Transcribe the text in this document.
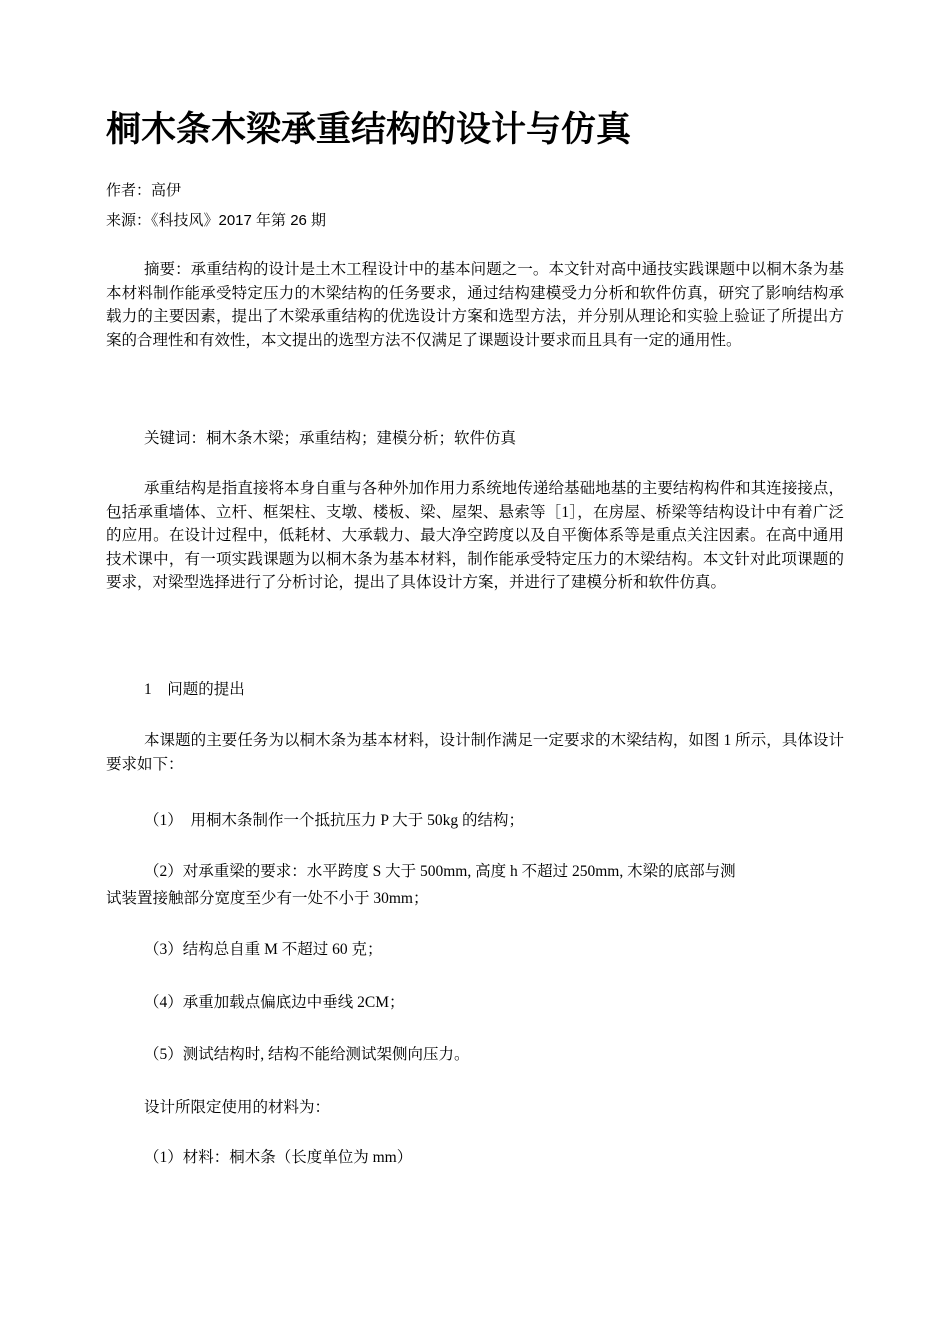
桐木条木梁承重结构的设计与仿真
作者：高伊
来源：《科技风》2017 年第 26 期

摘要：承重结构的设计是土木工程设计中的基本问题之一。本文针对高中通技实践课题中以桐木条为基本材料制作能承受特定压力的木梁结构的任务要求，通过结构建模受力分析和软件仿真，研究了影响结构承载力的主要因素，提出了木梁承重结构的优选设计方案和选型方法，并分别从理论和实验上验证了所提出方案的合理性和有效性，本文提出的选型方法不仅满足了课题设计要求而且具有一定的通用性。

关键词：桐木条木梁；承重结构；建模分析；软件仿真

承重结构是指直接将本身自重与各种外加作用力系统地传递给基础地基的主要结构构件和其连接接点，包括承重墙体、立杆、框架柱、支墩、楼板、梁、屋架、悬索等［1］，在房屋、桥梁等结构设计中有着广泛的应用。在设计过程中，低耗材、大承载力、最大净空跨度以及自平衡体系等是重点关注因素。在高中通用技术课中，有一项实践课题为以桐木条为基本材料，制作能承受特定压力的木梁结构。本文针对此项课题的要求，对梁型选择进行了分析讨论，提出了具体设计方案，并进行了建模分析和软件仿真。

1　问题的提出

本课题的主要任务为以桐木条为基本材料，设计制作满足一定要求的木梁结构，如图 1 所示，具体设计要求如下：

（1）　用桐木条制作一个抵抗压力 P 大于 50kg 的结构；

（2）对承重梁的要求：水平跨度 S 大于 500mm, 高度 h 不超过 250mm, 木梁的底部与测

试装置接触部分宽度至少有一处不小于 30mm；

（3）结构总自重 M 不超过 60 克；

（4）承重加载点偏底边中垂线 2CM；

（5）测试结构时, 结构不能给测试架侧向压力。

设计所限定使用的材料为：

（1）材料：桐木条（长度单位为 mm）
